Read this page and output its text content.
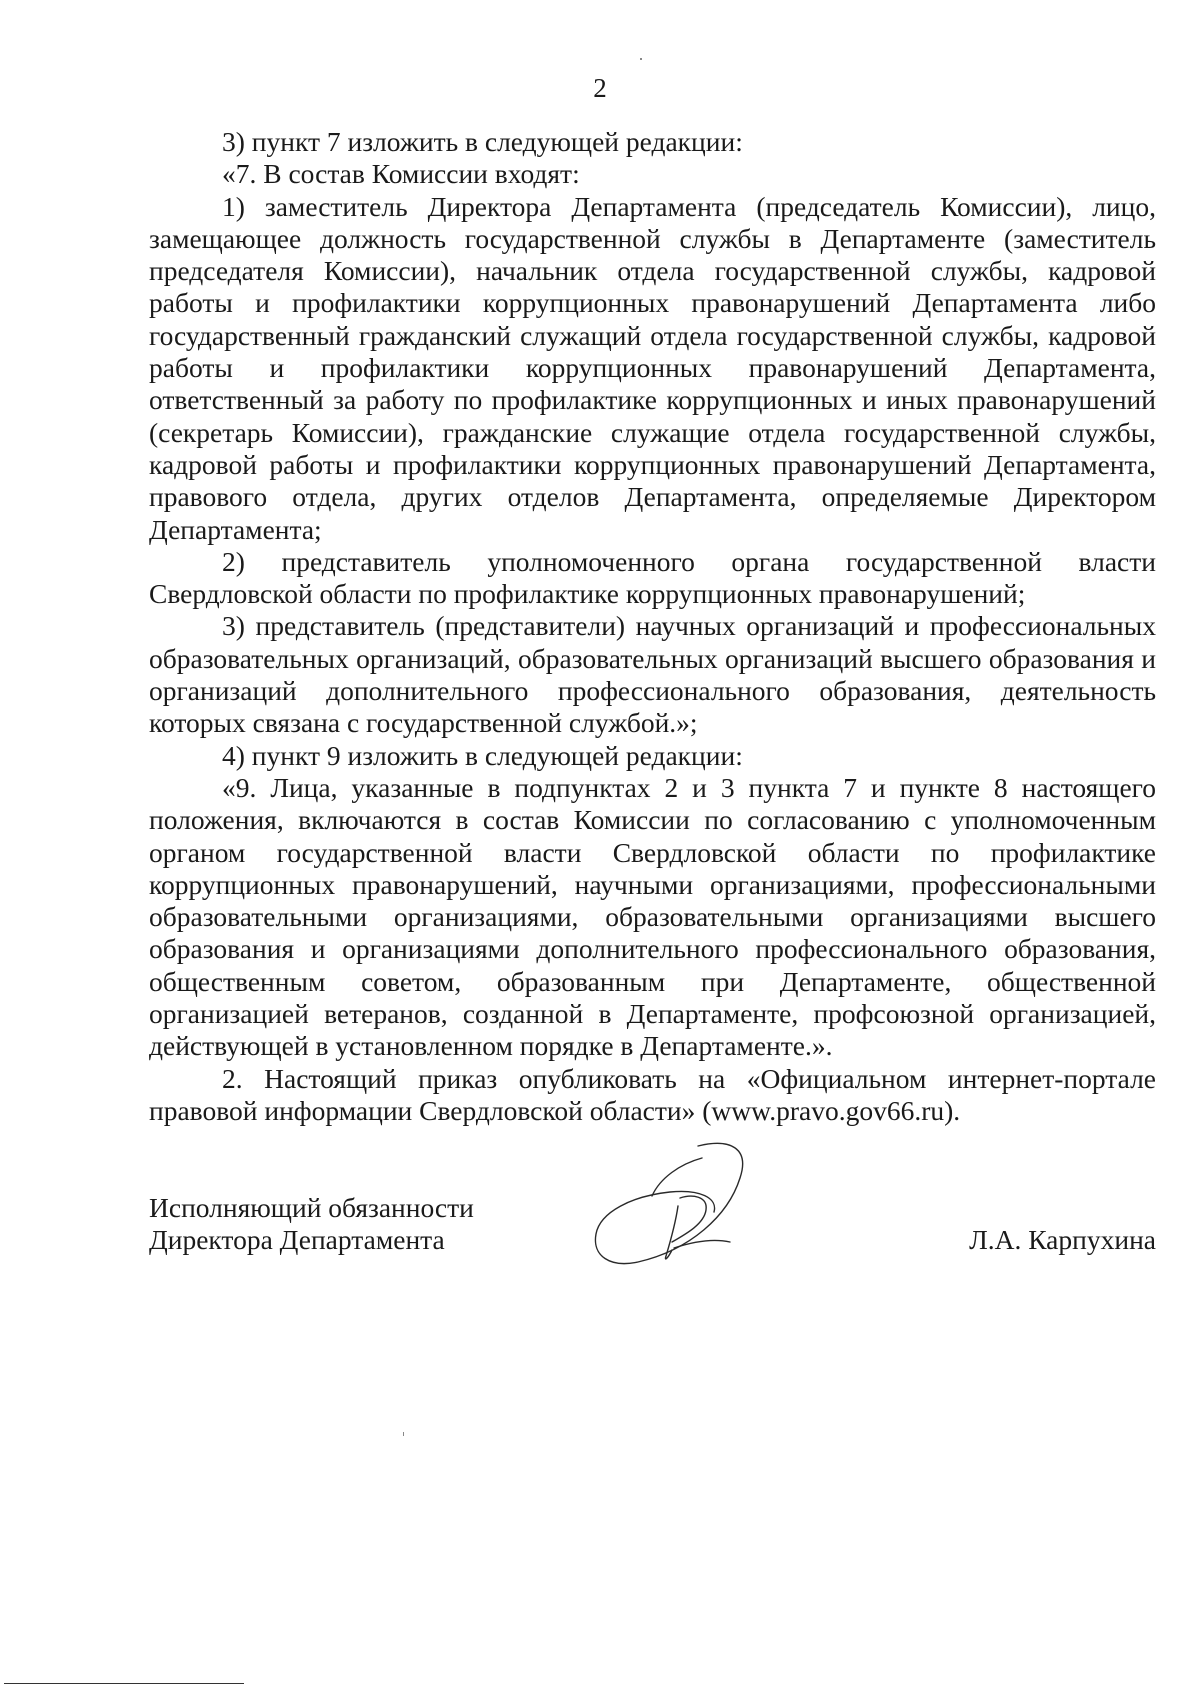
2

3) пункт 7 изложить в следующей редакции:

«7. В состав Комиссии входят:

1) заместитель Директора Департамента (председатель Комиссии), лицо, замещающее должность государственной службы в Департаменте (заместитель председателя Комиссии), начальник отдела государственной службы, кадровой работы и профилактики коррупционных правонарушений Департамента либо государственный гражданский служащий отдела государственной службы, кадровой работы и профилактики коррупционных правонарушений Департамента, ответственный за работу по профилактике коррупционных и иных правонарушений (секретарь Комиссии), гражданские служащие отдела государственной службы, кадровой работы и профилактики коррупционных правонарушений Департамента, правового отдела, других отделов Департамента, определяемые Директором Департамента;

2) представитель уполномоченного органа государственной власти Свердловской области по профилактике коррупционных правонарушений;

3) представитель (представители) научных организаций и профессиональных образовательных организаций, образовательных организаций высшего образования и организаций дополнительного профессионального образования, деятельность которых связана с государственной службой.»;

4) пункт 9 изложить в следующей редакции:

«9. Лица, указанные в подпунктах 2 и 3 пункта 7 и пункте 8 настоящего положения, включаются в состав Комиссии по согласованию с уполномоченным органом государственной власти Свердловской области по профилактике коррупционных правонарушений, научными организациями, профессиональными образовательными организациями, образовательными организациями высшего образования и организациями дополнительного профессионального образования, общественным советом, образованным при Департаменте, общественной организацией ветеранов, созданной в Департаменте, профсоюзной организацией, действующей в установленном порядке в Департаменте.».

2. Настоящий приказ опубликовать на «Официальном интернет-портале правовой информации Свердловской области» (www.pravo.gov66.ru).

Исполняющий обязанности
Директора Департамента	Л.А. Карпухина
